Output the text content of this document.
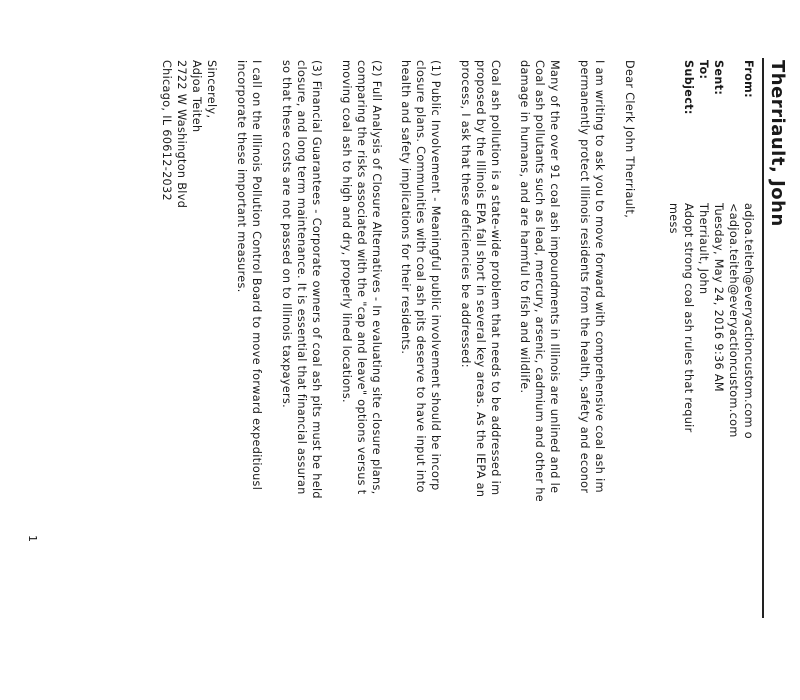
Therriault, John
From:
adjoa.teiteh@everyactioncustom.com o
<adjoa.teiteh@everyactioncustom.com
Sent:
Tuesday, May 24, 2016 9:36 AM
To:
Therriault, John
Subject:
Adopt strong coal ash rules that requir
mess
Dear Clerk John Therriault,
I am writing to ask you to move forward with comprehensive coal ash im
permanently protect Illinois residents from the health, safety and econor
Many of the over 91 coal ash impoundments in Illinois are unlined and le
Coal ash pollutants such as lead, mercury, arsenic, cadmium and other he
damage in humans, and are harmful to fish and wildlife.
Coal ash pollution is a state-wide problem that needs to be addressed im
proposed by the Illinois EPA fall short in several key areas. As the IEPA an
process, I ask that these deficiencies be addressed:
(1) Public Involvement - Meaningful public involvement should be incorp
closure plans. Communities with coal ash pits deserve to have input into
health and safety implications for their residents.
(2) Full Analysis of Closure Alternatives - In evaluating site closure plans,
comparing the risks associated with the "cap and leave" options versus t
moving coal ash to high and dry, properly lined locations.
(3) Financial Guarantees - Corporate owners of coal ash pits must be held
closure, and long term maintenance. It is essential that financial assuran
so that these costs are not passed on to Illinois taxpayers.
I call on the Illinois Pollution Control Board to move forward expeditiousl
incorporate these important measures.
Sincerely,
Adjoa Teiteh
2722 W Washington Blvd
Chicago, IL 60612-2032
1
